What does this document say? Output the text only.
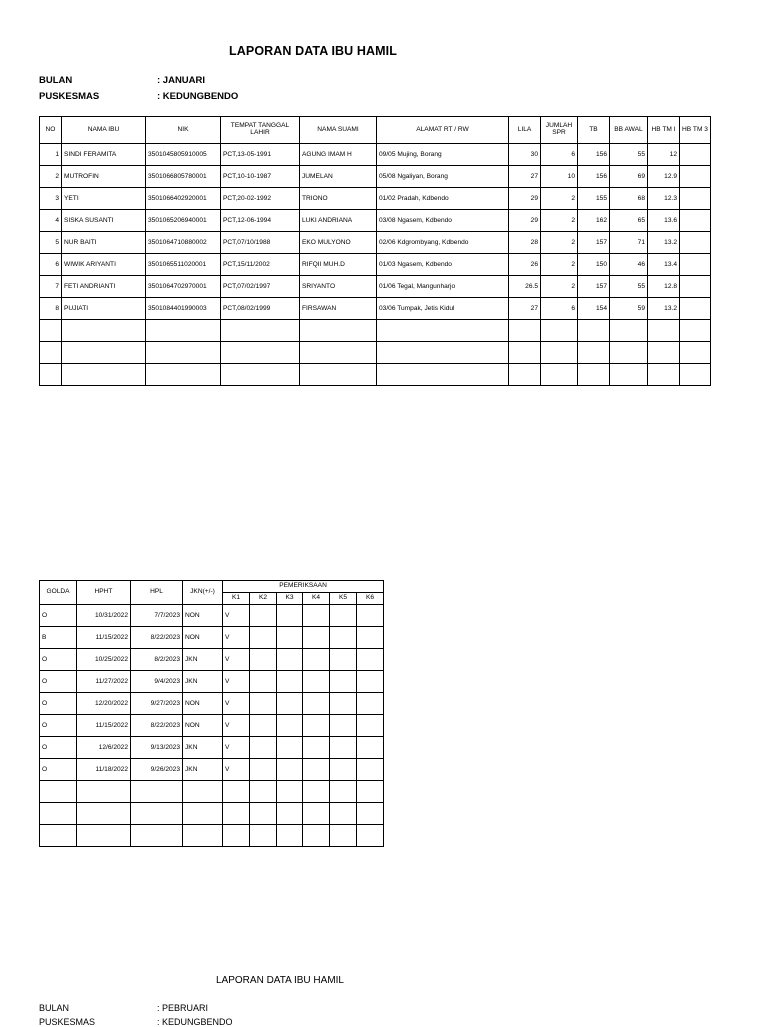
LAPORAN DATA IBU HAMIL
BULAN	: JANUARI
PUSKESMAS	: KEDUNGBENDO
NO	NAMA IBU	NIK	TEMPAT TANGGAL LAHIR	NAMA SUAMI	ALAMAT RT / RW	LILA	JUMLAH SPR	TB	BB AWAL	HB TM I	HB TM 3
1	SINDI FERAMITA	3501045805910005	PCT,13-05-1991	AGUNG IMAM H	09/05 Mujing, Borang	30	6	156	55	12	
2	MUTROFIN	3501066805780001	PCT,10-10-1987	JUMELAN	05/08 Ngaliyan, Borang	27	10	156	69	12.9	
3	YETI	3501066402920001	PCT,20-02-1992	TRIONO	01/02 Pradah, Kdbendo	29	2	155	68	12.3	
4	SISKA SUSANTI	3501065206940001	PCT,12-06-1994	LUKI ANDRIANA	03/08 Ngasem, Kdbendo	29	2	162	65	13.6	
5	NUR BAITI	3501064710880002	PCT,07/10/1988	EKO MULYONO	02/06 Kdgrombyang, Kdbendo	28	2	157	71	13.2	
6	WIWIK ARIYANTI	3501065511020001	PCT,15/11/2002	RIFQII MUH.D	01/03 Ngasem, Kdbendo	26	2	150	46	13.4	
7	FETI ANDRIANTI	3501064702970001	PCT,07/02/1997	SRIYANTO	01/06 Tegal, Mangunharjo	26.5	2	157	55	12.8	
8	PUJIATI	3501084401990003	PCT,08/02/1999	FIRSAWAN	03/06 Tumpak, Jetis Kidul	27	6	154	59	13.2	

GOLDA	HPHT	HPL	JKN(+/-)	PEMERIKSAAN					
				K1	K2	K3	K4	K5	K6
O	10/31/2022	7/7/2023	NON	V					
B	11/15/2022	8/22/2023	NON	V					
O	10/25/2022	8/2/2023	JKN	V					
O	11/27/2022	9/4/2023	JKN	V					
O	12/20/2022	9/27/2023	NON	V					
O	11/15/2022	8/22/2023	NON	V					
O	12/6/2022	9/13/2023	JKN	V					
O	11/18/2022	9/26/2023	JKN	V					

LAPORAN DATA IBU HAMIL
BULAN	: PEBRUARI
PUSKESMAS	: KEDUNGBENDO
